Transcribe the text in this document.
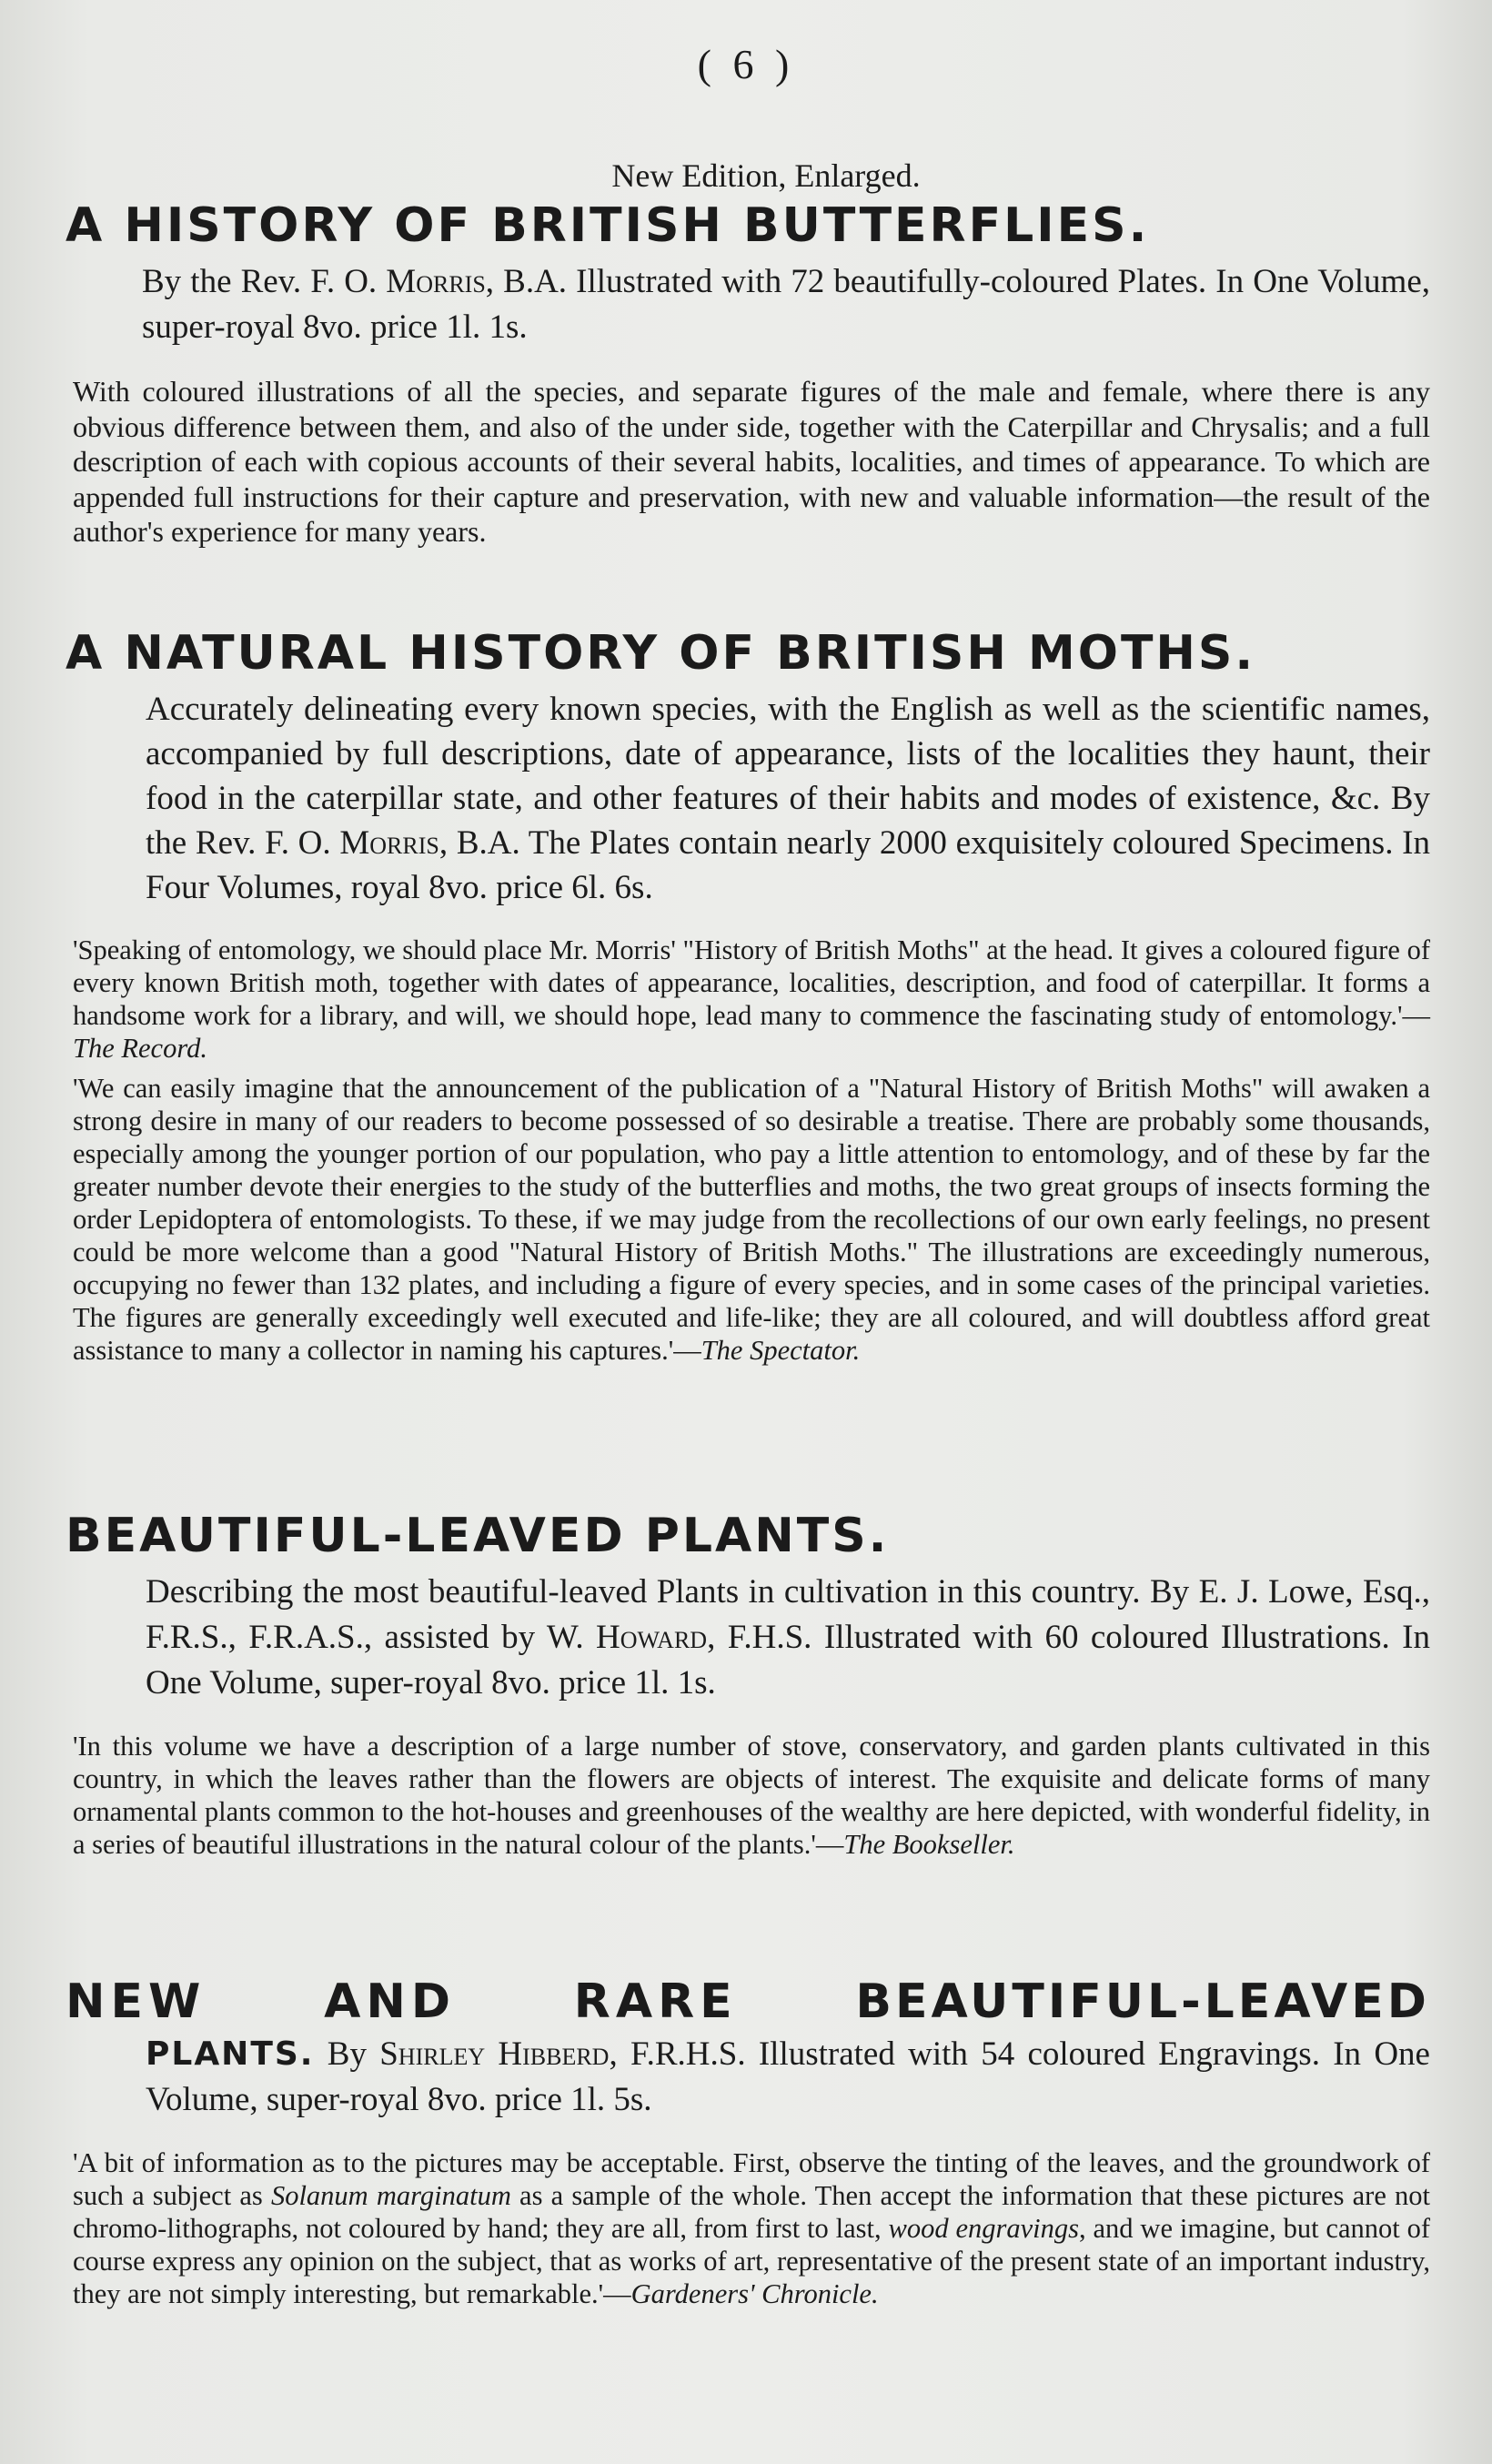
( 6 )
New Edition, Enlarged.
A HISTORY OF BRITISH BUTTERFLIES.

By the Rev. F. O. Morris, B.A. Illustrated with 72 beautifully-coloured Plates. In One Volume, super-royal 8vo. price 1l. 1s.

With coloured illustrations of all the species, and separate figures of the male and female, where there is any obvious difference between them, and also of the under side, together with the Caterpillar and Chrysalis; and a full description of each with copious accounts of their several habits, localities, and times of appearance. To which are appended full instructions for their capture and preservation, with new and valuable information—the result of the author's experience for many years.

A NATURAL HISTORY OF BRITISH MOTHS.

Accurately delineating every known species, with the English as well as the scientific names, accompanied by full descriptions, date of appearance, lists of the localities they haunt, their food in the caterpillar state, and other features of their habits and modes of existence, &c. By the Rev. F. O. Morris, B.A. The Plates contain nearly 2000 exquisitely coloured Specimens. In Four Volumes, royal 8vo. price 6l. 6s.

'Speaking of entomology, we should place Mr. Morris' "History of British Moths" at the head. It gives a coloured figure of every known British moth, together with dates of appearance, localities, description, and food of caterpillar. It forms a handsome work for a library, and will, we should hope, lead many to commence the fascinating study of entomology.'—The Record.

'We can easily imagine that the announcement of the publication of a "Natural History of British Moths" will awaken a strong desire in many of our readers to become possessed of so desirable a treatise. There are probably some thousands, especially among the younger portion of our population, who pay a little attention to entomology, and of these by far the greater number devote their energies to the study of the butterflies and moths, the two great groups of insects forming the order Lepidoptera of entomologists. To these, if we may judge from the recollections of our own early feelings, no present could be more welcome than a good "Natural History of British Moths." The illustrations are exceedingly numerous, occupying no fewer than 132 plates, and including a figure of every species, and in some cases of the principal varieties. The figures are generally exceedingly well executed and life-like; they are all coloured, and will doubtless afford great assistance to many a collector in naming his captures.'—The Spectator.

BEAUTIFUL-LEAVED PLANTS.

Describing the most beautiful-leaved Plants in cultivation in this country. By E. J. Lowe, Esq., F.R.S., F.R.A.S., assisted by W. Howard, F.H.S. Illustrated with 60 coloured Illustrations. In One Volume, super-royal 8vo. price 1l. 1s.

'In this volume we have a description of a large number of stove, conservatory, and garden plants cultivated in this country, in which the leaves rather than the flowers are objects of interest. The exquisite and delicate forms of many ornamental plants common to the hot-houses and greenhouses of the wealthy are here depicted, with wonderful fidelity, in a series of beautiful illustrations in the natural colour of the plants.'—The Bookseller.

NEW AND RARE BEAUTIFUL-LEAVED

PLANTS. By Shirley Hibberd, F.R.H.S. Illustrated with 54 coloured Engravings. In One Volume, super-royal 8vo. price 1l. 5s.

'A bit of information as to the pictures may be acceptable. First, observe the tinting of the leaves, and the groundwork of such a subject as Solanum marginatum as a sample of the whole. Then accept the information that these pictures are not chromo-lithographs, not coloured by hand; they are all, from first to last, wood engravings, and we imagine, but cannot of course express any opinion on the subject, that as works of art, representative of the present state of an important industry, they are not simply interesting, but remarkable.'—Gardeners' Chronicle.
